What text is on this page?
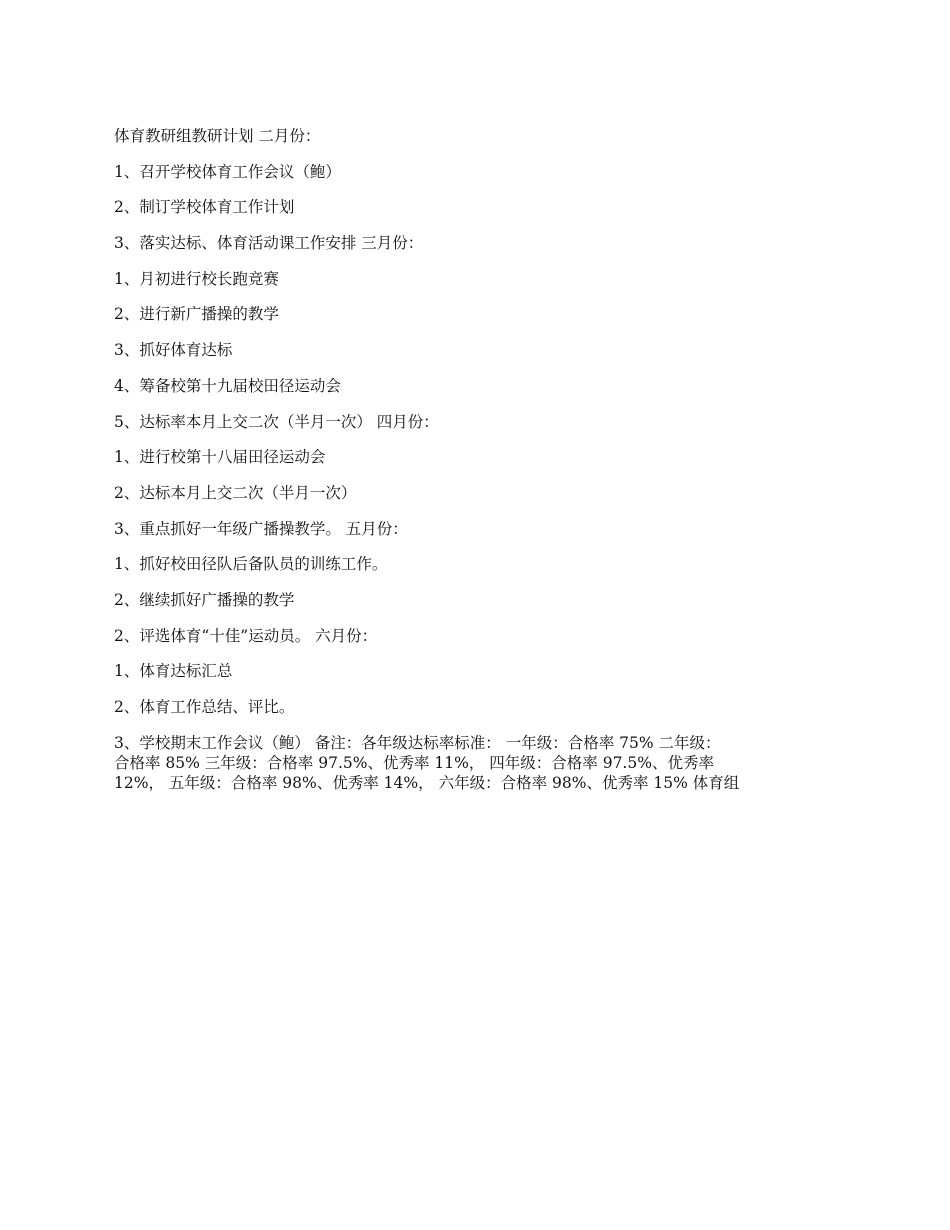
体育教研组教研计划 二月份：

1、召开学校体育工作会议（鲍）

2、制订学校体育工作计划

3、落实达标、体育活动课工作安排 三月份：

1、月初进行校长跑竞赛

2、进行新广播操的教学

3、抓好体育达标

4、筹备校第十九届校田径运动会

5、达标率本月上交二次（半月一次） 四月份：

1、进行校第十八届田径运动会

2、达标本月上交二次（半月一次）

3、重点抓好一年级广播操教学。 五月份：

1、抓好校田径队后备队员的训练工作。

2、继续抓好广播操的教学

2、评选体育“十佳”运动员。 六月份：

1、体育达标汇总

2、体育工作总结、评比。

3、学校期末工作会议（鲍） 备注：各年级达标率标准： 一年级：合格率 75% 二年级：
合格率 85% 三年级：合格率 97.5%、优秀率 11%， 四年级：合格率 97.5%、优秀率
12%， 五年级：合格率 98%、优秀率 14%， 六年级：合格率 98%、优秀率 15% 体育组
